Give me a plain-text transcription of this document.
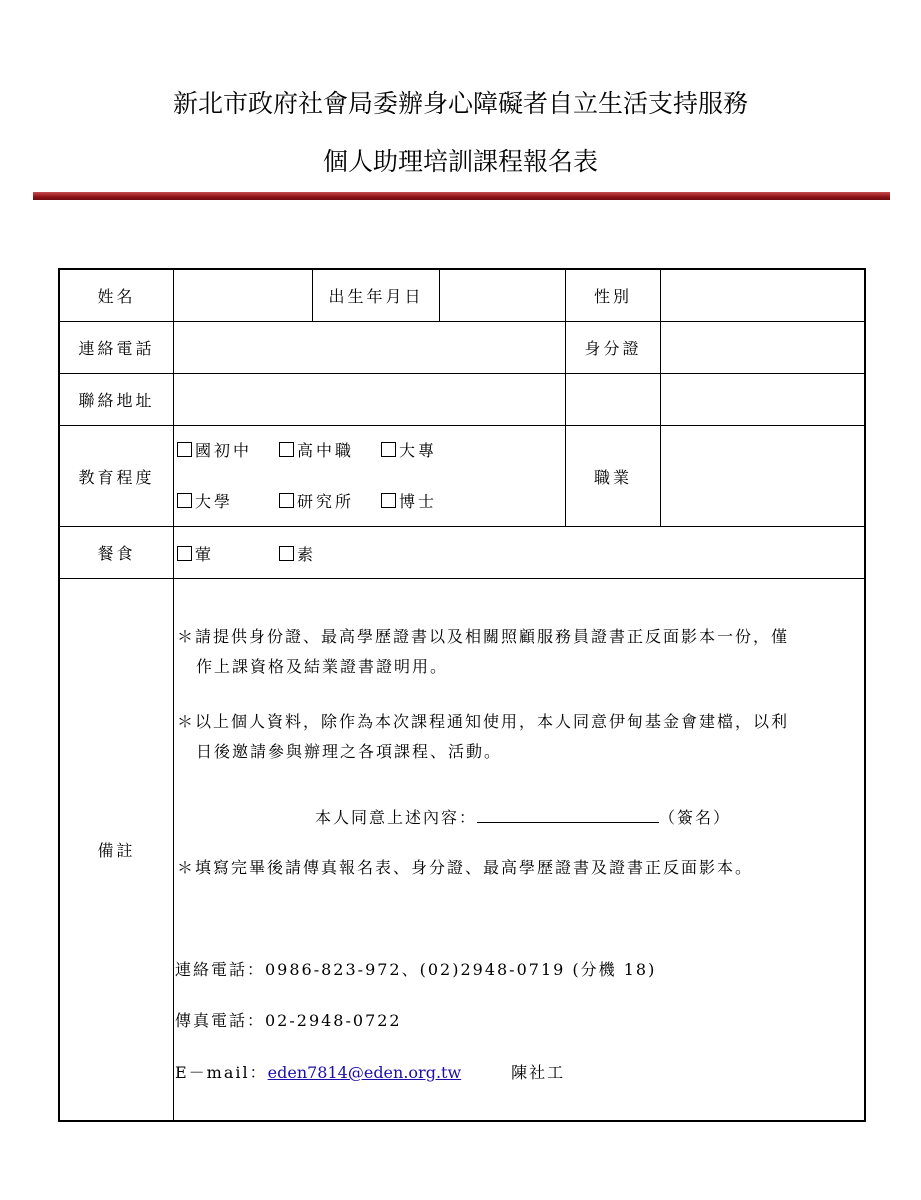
新北市政府社會局委辦身心障礙者自立生活支持服務
個人助理培訓課程報名表
姓名	出生年月日	性別
連絡電話	身分證
聯絡地址
教育程度
國初中	高中職	大專
大學	研究所	博士
職業
餐食	葷	素
備註
＊請提供身份證、最高學歷證書以及相關照顧服務員證書正反面影本一份，僅
作上課資格及結業證書證明用。
＊以上個人資料，除作為本次課程通知使用，本人同意伊甸基金會建檔，以利
日後邀請參與辦理之各項課程、活動。
本人同意上述內容：	（簽名）
＊填寫完畢後請傳真報名表、身分證、最高學歷證書及證書正反面影本。
連絡電話：0986-823-972、(02)2948-0719 (分機 18)
傳真電話：02-2948-0722
E－mail：eden7814@eden.org.tw	陳社工
